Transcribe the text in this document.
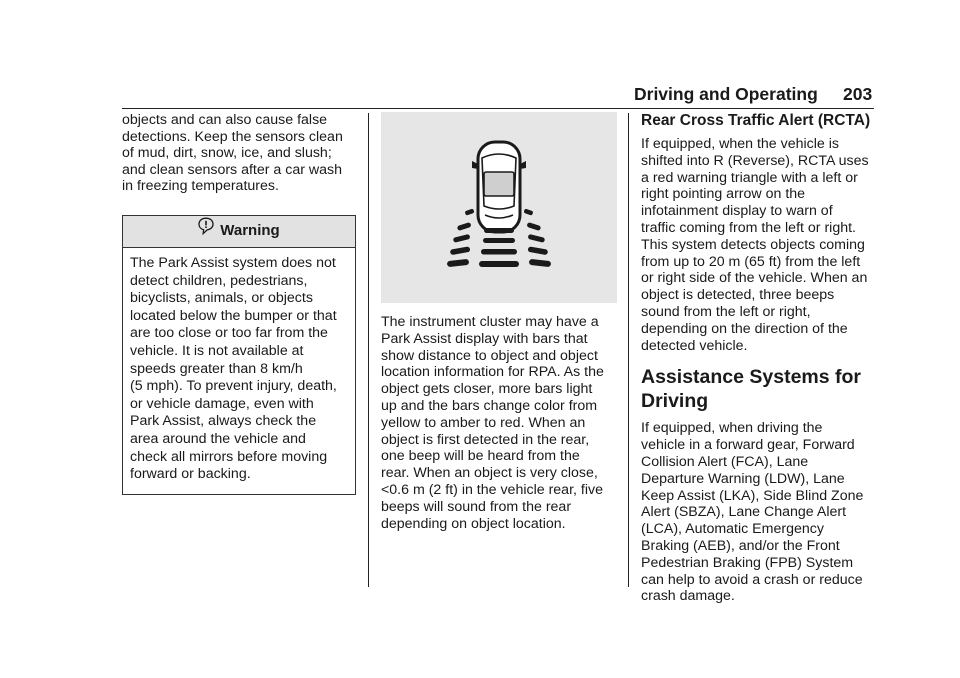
Driving and Operating 203

objects and can also cause false
detections. Keep the sensors clean
of mud, dirt, snow, ice, and slush;
and clean sensors after a car wash
in freezing temperatures.

Warning

The Park Assist system does not
detect children, pedestrians,
bicyclists, animals, or objects
located below the bumper or that
are too close or too far from the
vehicle. It is not available at
speeds greater than 8 km/h
(5 mph). To prevent injury, death,
or vehicle damage, even with
Park Assist, always check the
area around the vehicle and
check all mirrors before moving
forward or backing.

The instrument cluster may have a
Park Assist display with bars that
show distance to object and object
location information for RPA. As the
object gets closer, more bars light
up and the bars change color from
yellow to amber to red. When an
object is first detected in the rear,
one beep will be heard from the
rear. When an object is very close,
<0.6 m (2 ft) in the vehicle rear, five
beeps will sound from the rear
depending on object location.

Rear Cross Traffic Alert (RCTA)

If equipped, when the vehicle is
shifted into R (Reverse), RCTA uses
a red warning triangle with a left or
right pointing arrow on the
infotainment display to warn of
traffic coming from the left or right.
This system detects objects coming
from up to 20 m (65 ft) from the left
or right side of the vehicle. When an
object is detected, three beeps
sound from the left or right,
depending on the direction of the
detected vehicle.

Assistance Systems for
Driving

If equipped, when driving the
vehicle in a forward gear, Forward
Collision Alert (FCA), Lane
Departure Warning (LDW), Lane
Keep Assist (LKA), Side Blind Zone
Alert (SBZA), Lane Change Alert
(LCA), Automatic Emergency
Braking (AEB), and/or the Front
Pedestrian Braking (FPB) System
can help to avoid a crash or reduce
crash damage.
